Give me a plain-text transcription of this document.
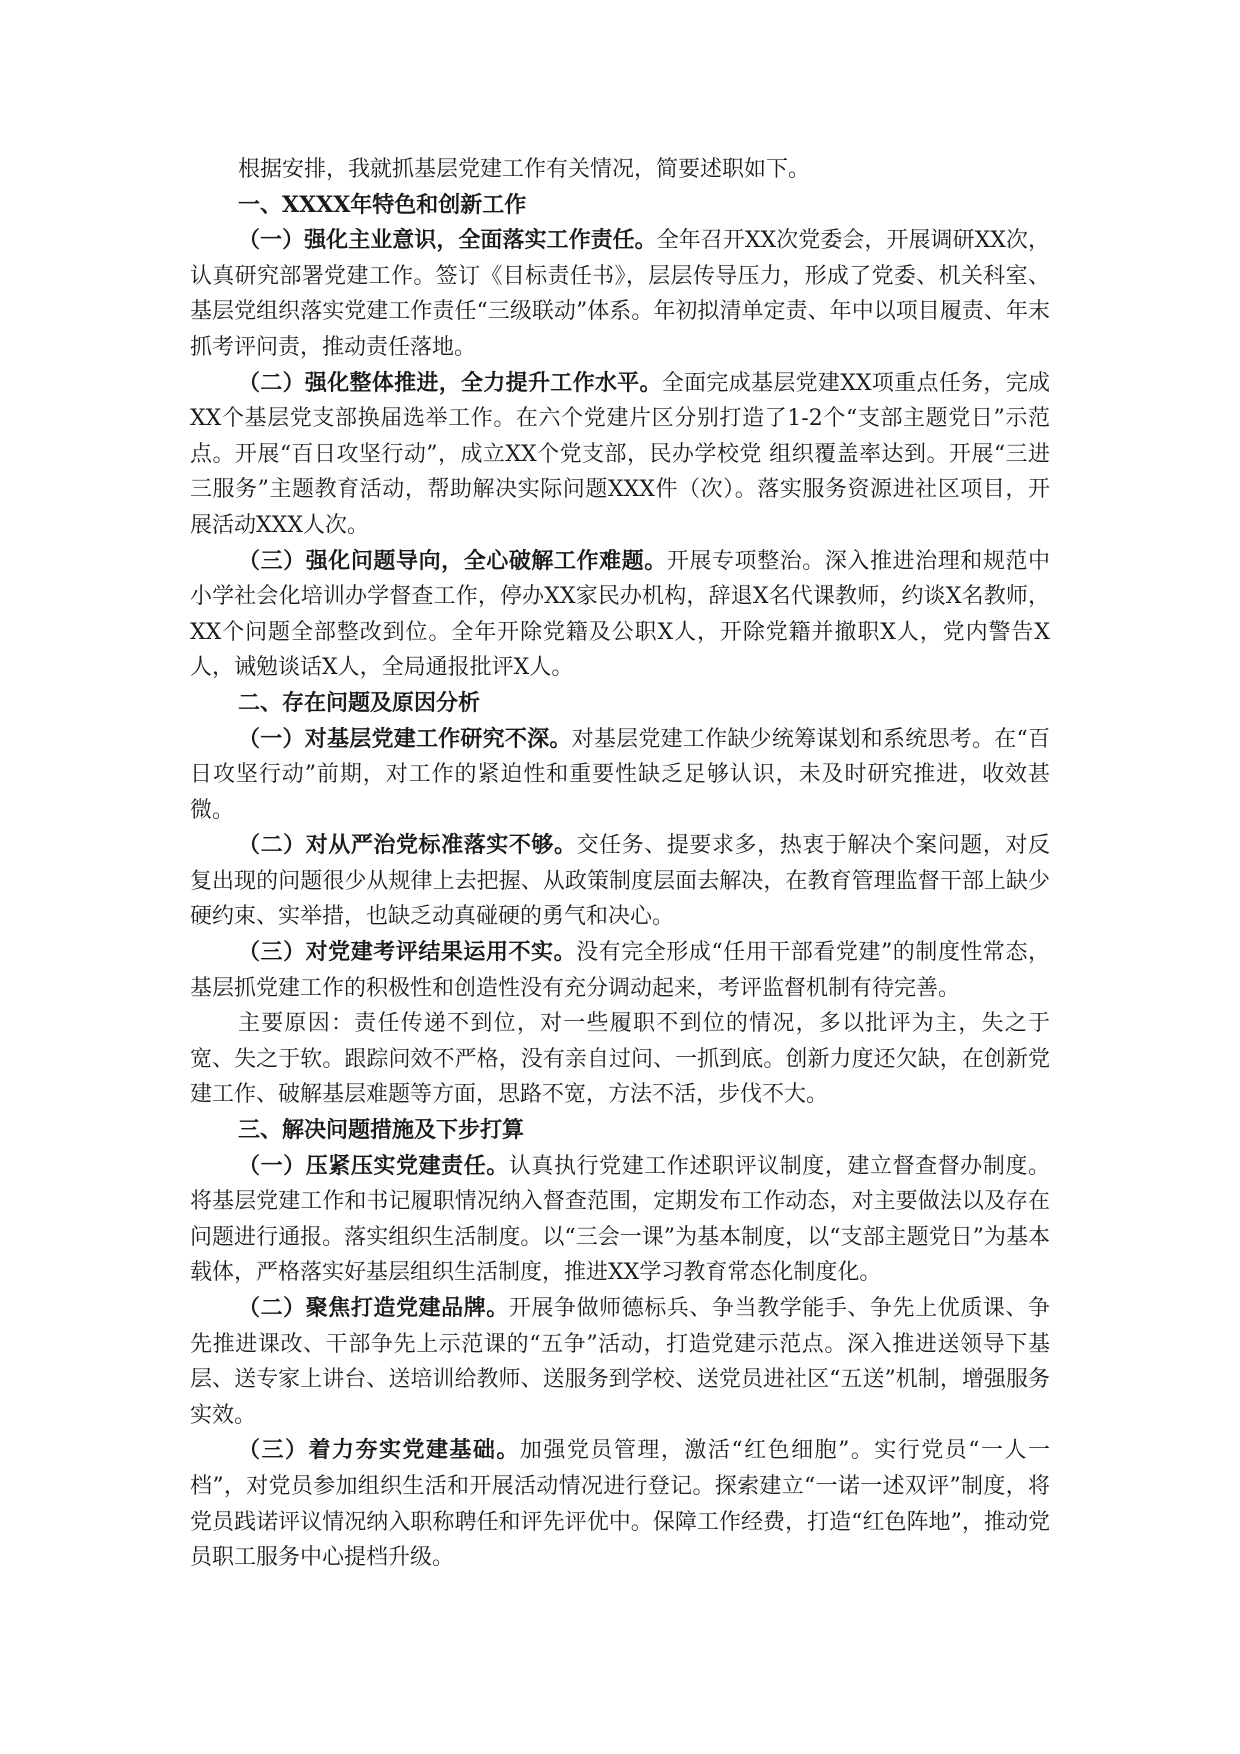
根据安排，我就抓基层党建工作有关情况，简要述职如下。

一、XXXX年特色和创新工作

（一）强化主业意识，全面落实工作责任。全年召开XX次党委会，开展调研XX次，认真研究部署党建工作。签订《目标责任书》，层层传导压力，形成了党委、机关科室、基层党组织落实党建工作责任“三级联动”体系。年初拟清单定责、年中以项目履责、年末抓考评问责，推动责任落地。

（二）强化整体推进，全力提升工作水平。全面完成基层党建XX项重点任务，完成XX个基层党支部换届选举工作。在六个党建片区分别打造了1-2个“支部主题党日”示范点。开展“百日攻坚行动”，成立XX个党支部，民办学校党 组织覆盖率达到。开展“三进三服务”主题教育活动，帮助解决实际问题XXX件（次）。落实服务资源进社区项目，开展活动XXX人次。

（三）强化问题导向，全心破解工作难题。开展专项整治。深入推进治理和规范中小学社会化培训办学督查工作，停办XX家民办机构，辞退X名代课教师，约谈X名教师，XX个问题全部整改到位。全年开除党籍及公职X人，开除党籍并撤职X人，党内警告X人，诫勉谈话X人，全局通报批评X人。

二、存在问题及原因分析

（一）对基层党建工作研究不深。对基层党建工作缺少统筹谋划和系统思考。在“百日攻坚行动”前期，对工作的紧迫性和重要性缺乏足够认识，未及时研究推进，收效甚微。

（二）对从严治党标准落实不够。交任务、提要求多，热衷于解决个案问题，对反复出现的问题很少从规律上去把握、从政策制度层面去解决，在教育管理监督干部上缺少硬约束、实举措，也缺乏动真碰硬的勇气和决心。

（三）对党建考评结果运用不实。没有完全形成“任用干部看党建”的制度性常态，基层抓党建工作的积极性和创造性没有充分调动起来，考评监督机制有待完善。

主要原因：责任传递不到位，对一些履职不到位的情况，多以批评为主，失之于宽、失之于软。跟踪问效不严格，没有亲自过问、一抓到底。创新力度还欠缺，在创新党建工作、破解基层难题等方面，思路不宽，方法不活，步伐不大。

三、解决问题措施及下步打算

（一）压紧压实党建责任。认真执行党建工作述职评议制度，建立督查督办制度。将基层党建工作和书记履职情况纳入督查范围，定期发布工作动态，对主要做法以及存在问题进行通报。落实组织生活制度。以“三会一课”为基本制度，以“支部主题党日”为基本载体，严格落实好基层组织生活制度，推进XX学习教育常态化制度化。

（二）聚焦打造党建品牌。开展争做师德标兵、争当教学能手、争先上优质课、争先推进课改、干部争先上示范课的“五争”活动，打造党建示范点。深入推进送领导下基层、送专家上讲台、送培训给教师、送服务到学校、送党员进社区“五送”机制，增强服务实效。

（三）着力夯实党建基础。加强党员管理，激活“红色细胞”。实行党员“一人一档”，对党员参加组织生活和开展活动情况进行登记。探索建立“一诺一述双评”制度，将党员践诺评议情况纳入职称聘任和评先评优中。保障工作经费，打造“红色阵地”，推动党员职工服务中心提档升级。
